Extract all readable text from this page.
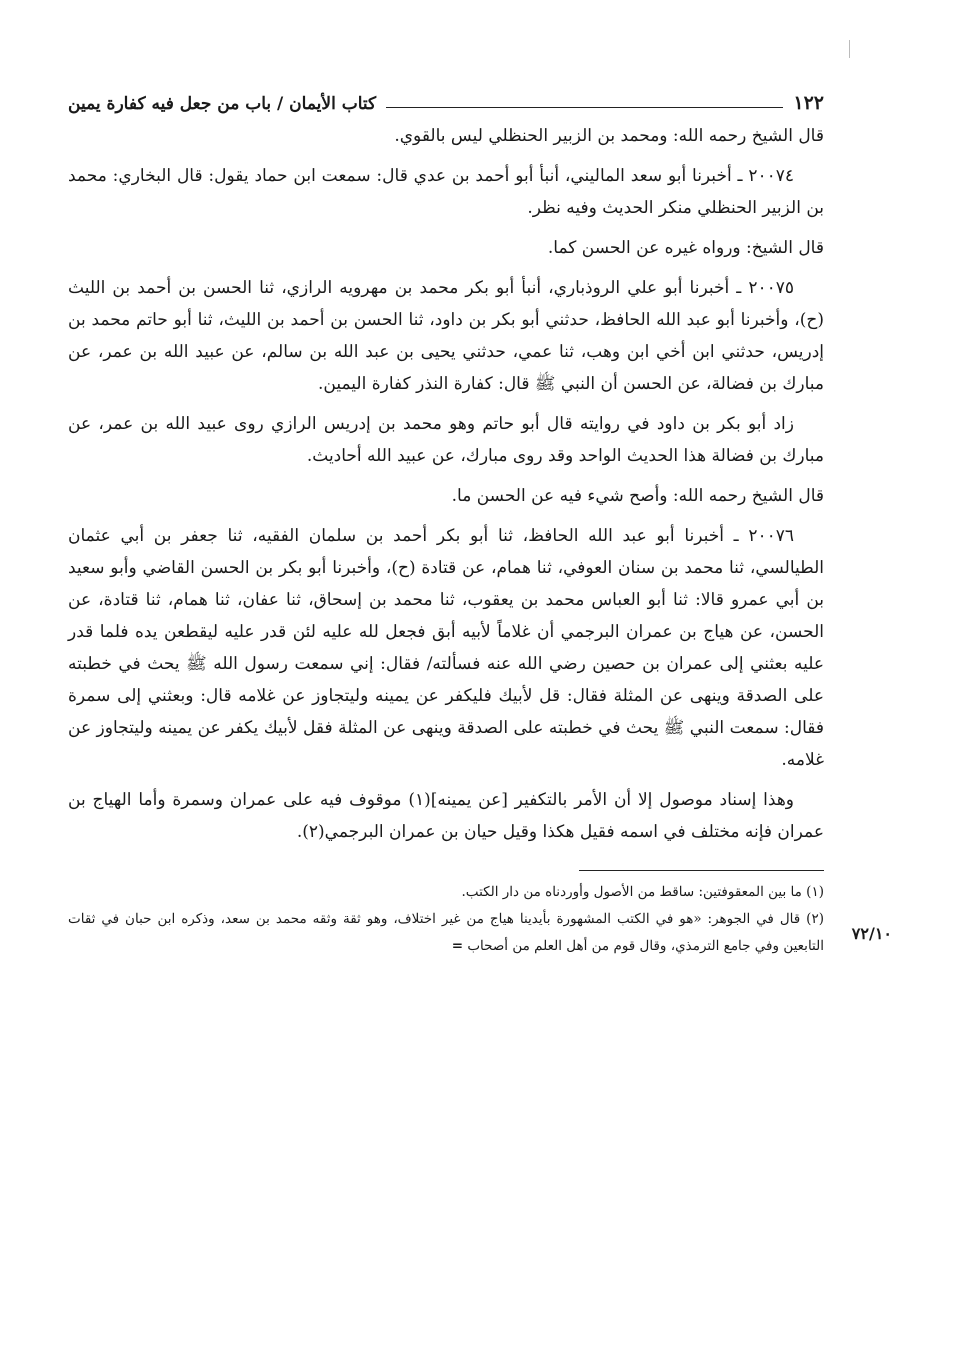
١٢٢
كتاب الأيمان / باب من جعل فيه كفارة يمين

قال الشيخ رحمه الله: ومحمد بن الزبير الحنظلي ليس بالقوي.

٢٠٠٧٤ ـ أخبرنا أبو سعد الماليني، أنبأ أبو أحمد بن عدي قال: سمعت ابن حماد يقول: قال البخاري: محمد بن الزبير الحنظلي منكر الحديث وفيه نظر.

قال الشيخ: ورواه غيره عن الحسن كما.

٢٠٠٧٥ ـ أخبرنا أبو علي الروذباري، أنبأ أبو بكر محمد بن مهرويه الرازي، ثنا الحسن بن أحمد بن الليث (ح)، وأخبرنا أبو عبد الله الحافظ، حدثني أبو بكر بن داود، ثنا الحسن بن أحمد بن الليث، ثنا أبو حاتم محمد بن إدريس، حدثني ابن أخي ابن وهب، ثنا عمي، حدثني يحيى بن عبد الله بن سالم، عن عبيد الله بن عمر، عن مبارك بن فضالة، عن الحسن أن النبي ﷺ قال: كفارة النذر كفارة اليمين.

زاد أبو بكر بن داود في روايته قال أبو حاتم وهو محمد بن إدريس الرازي روى عبيد الله بن عمر، عن مبارك بن فضالة هذا الحديث الواحد وقد روى مبارك، عن عبيد الله أحاديث.

قال الشيخ رحمه الله: وأصح شيء فيه عن الحسن ما.

٢٠٠٧٦ ـ أخبرنا أبو عبد الله الحافظ، ثنا أبو بكر أحمد بن سلمان الفقيه، ثنا جعفر بن أبي عثمان الطيالسي، ثنا محمد بن سنان العوفي، ثنا همام، عن قتادة (ح)، وأخبرنا أبو بكر بن الحسن القاضي وأبو سعيد بن أبي عمرو قالا: ثنا أبو العباس محمد بن يعقوب، ثنا محمد بن إسحاق، ثنا عفان، ثنا همام، ثنا قتادة، عن الحسن، عن هياج بن عمران البرجمي أن غلاماً لأبيه أبق فجعل لله عليه لئن قدر عليه ليقطعن يده فلما قدر عليه بعثني إلى عمران بن حصين رضي الله عنه فسألته/ فقال: إني سمعت رسول الله ﷺ يحث في خطبته على الصدقة وينهى عن المثلة فقال: قل لأبيك فليكفر عن يمينه وليتجاوز عن غلامه قال: وبعثني إلى سمرة فقال: سمعت النبي ﷺ يحث في خطبته على الصدقة وينهى عن المثلة فقل لأبيك يكفر عن يمينه وليتجاوز عن غلامه.

وهذا إسناد موصول إلا أن الأمر بالتكفير [عن يمينه](١) موقوف فيه على عمران وسمرة وأما الهياج بن عمران فإنه مختلف في اسمه فقيل هكذا وقيل حيان بن عمران البرجمي(٢).

٧٢/١٠

(١) ما بين المعقوفتين: ساقط من الأصول وأوردناه من دار الكتب.

(٢) قال في الجوهر: «هو في الكتب المشهورة بأيدينا هياج من غير اختلاف، وهو ثقة وثقه محمد بن سعد، وذكره ابن حبان في ثقات التابعين وفي جامع الترمذي، وقال قوم من أهل العلم من أصحاب =
